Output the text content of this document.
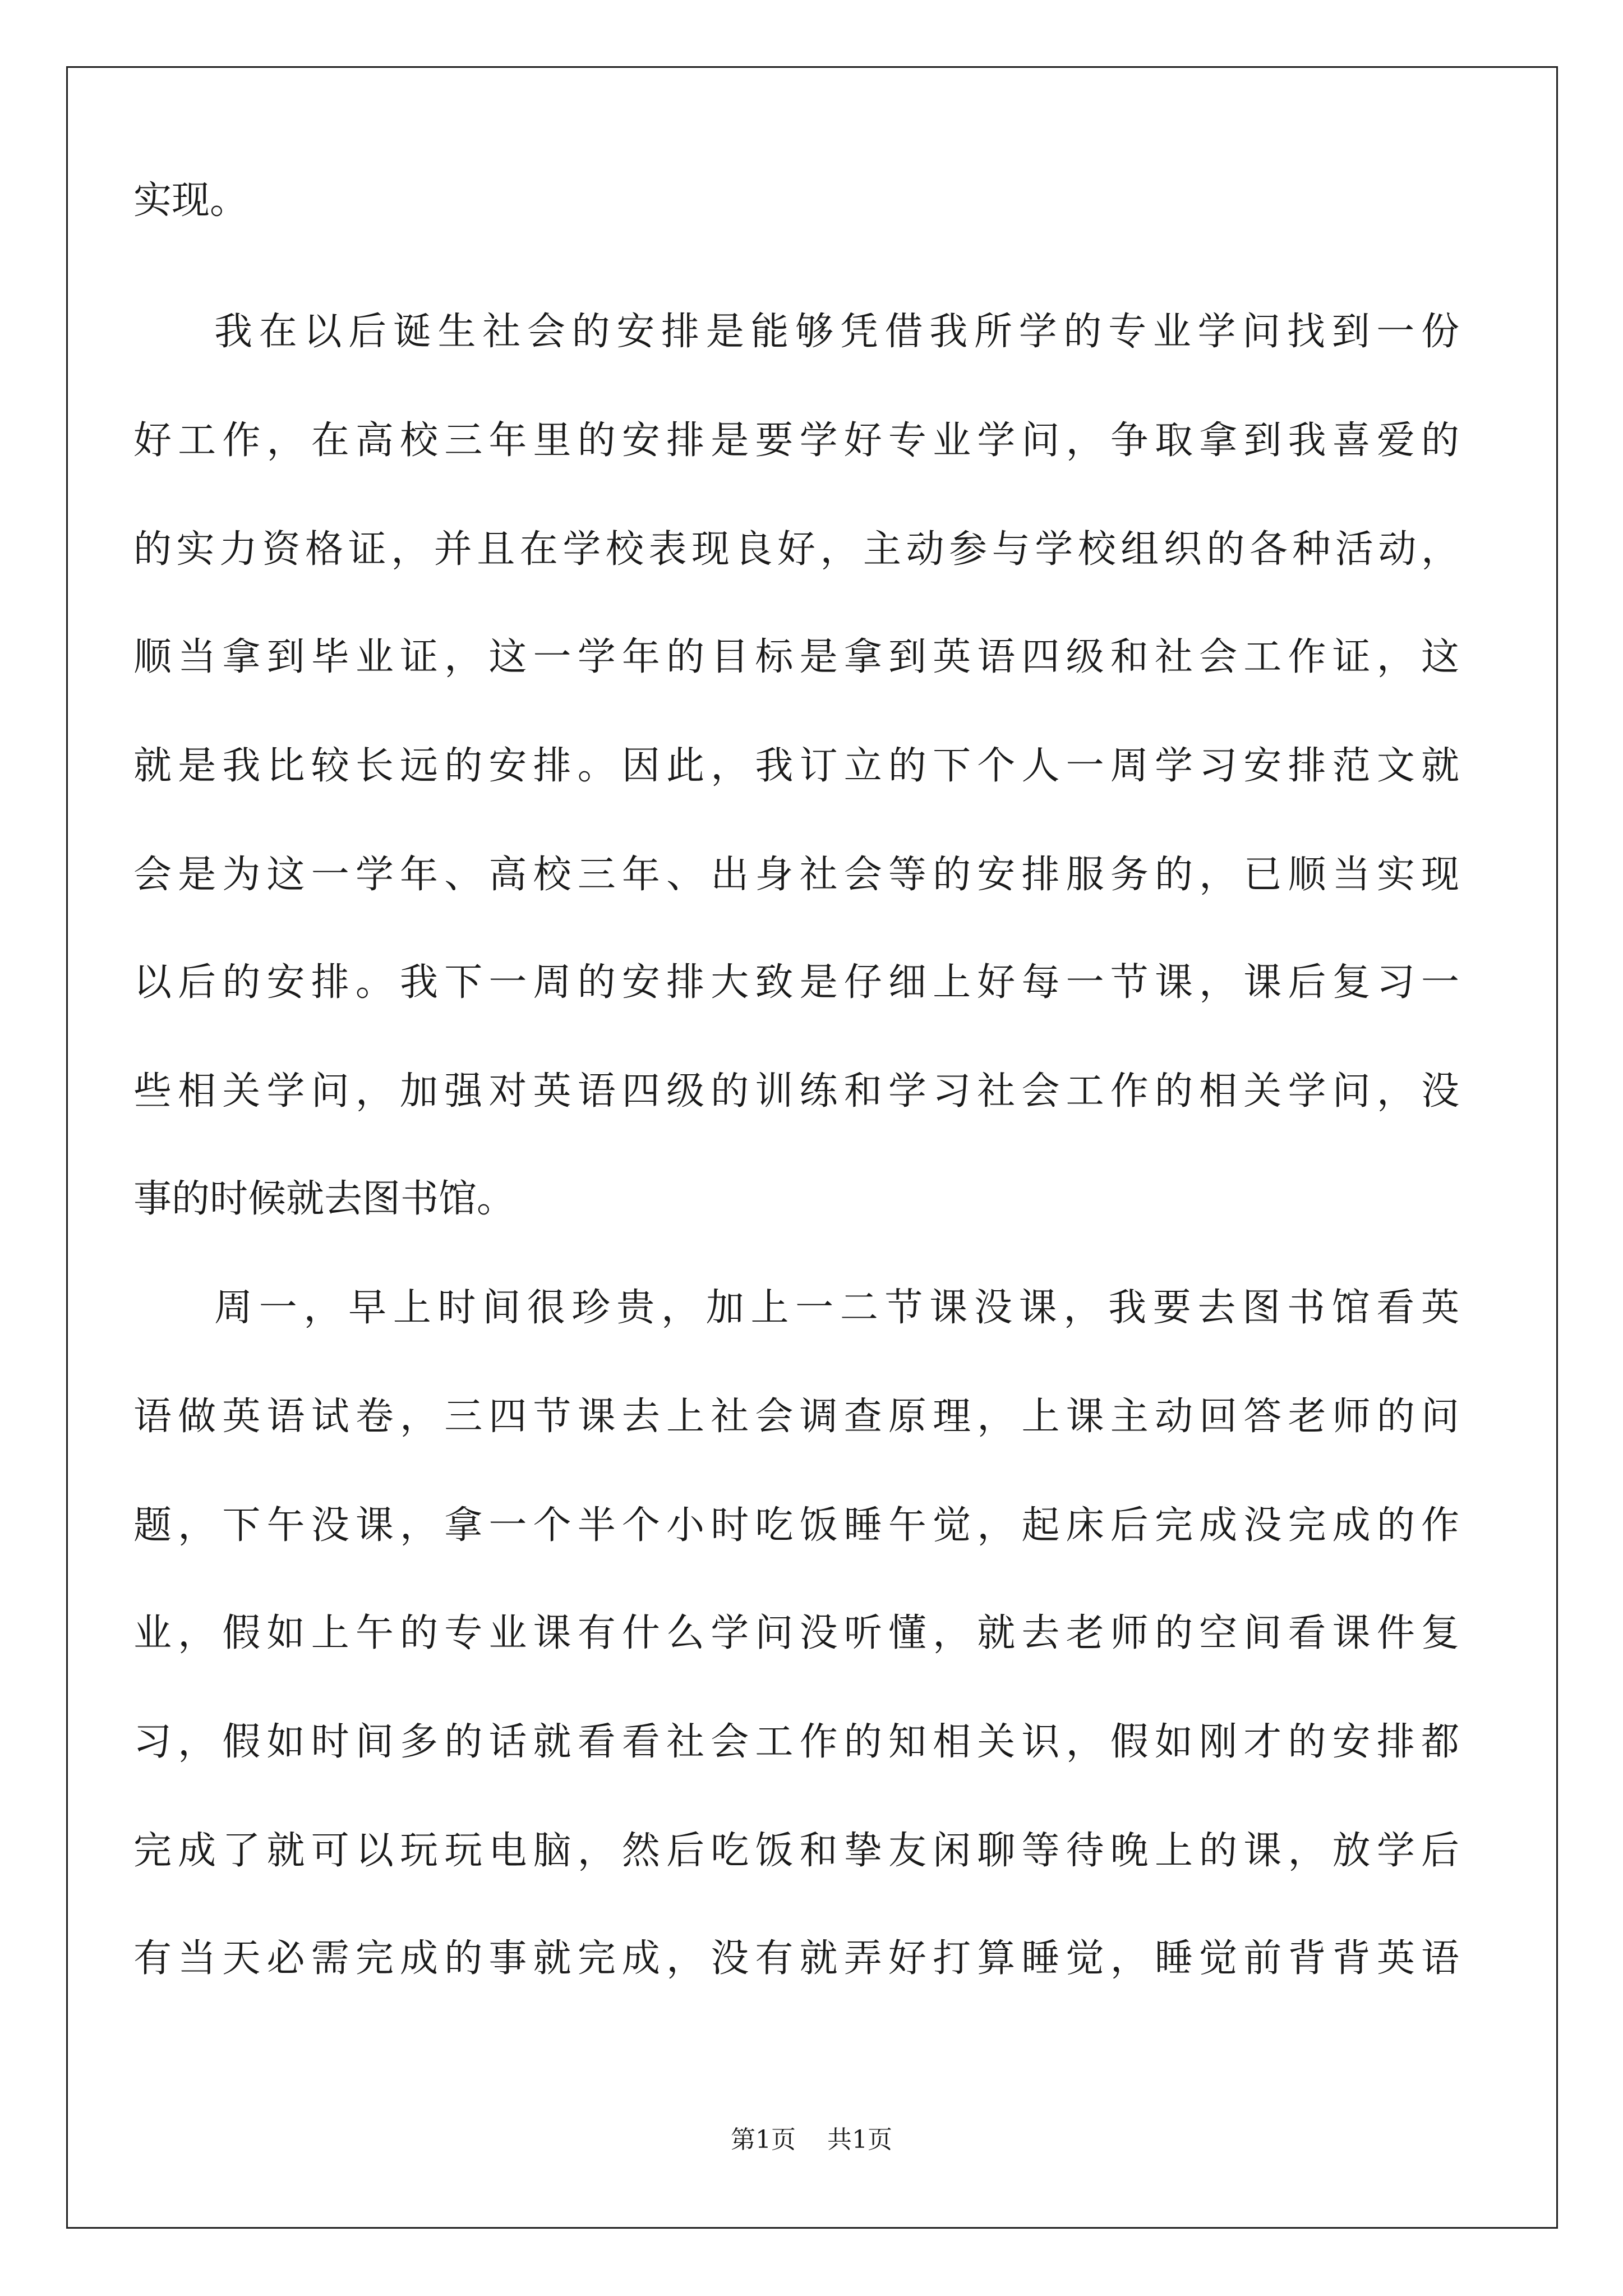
实现。
我在以后诞生社会的安排是能够凭借我所学的专业学问找到一份
好工作，在高校三年里的安排是要学好专业学问，争取拿到我喜爱的
的实力资格证，并且在学校表现良好，主动参与学校组织的各种活动，
顺当拿到毕业证，这一学年的目标是拿到英语四级和社会工作证，这
就是我比较长远的安排。因此，我订立的下个人一周学习安排范文就
会是为这一学年、高校三年、出身社会等的安排服务的，已顺当实现
以后的安排。我下一周的安排大致是仔细上好每一节课，课后复习一
些相关学问，加强对英语四级的训练和学习社会工作的相关学问，没
事的时候就去图书馆。
周一，早上时间很珍贵，加上一二节课没课，我要去图书馆看英
语做英语试卷，三四节课去上社会调查原理，上课主动回答老师的问
题，下午没课，拿一个半个小时吃饭睡午觉，起床后完成没完成的作
业，假如上午的专业课有什么学问没听懂，就去老师的空间看课件复
习，假如时间多的话就看看社会工作的知相关识，假如刚才的安排都
完成了就可以玩玩电脑，然后吃饭和挚友闲聊等待晚上的课，放学后
有当天必需完成的事就完成，没有就弄好打算睡觉，睡觉前背背英语
第1页 共1页
